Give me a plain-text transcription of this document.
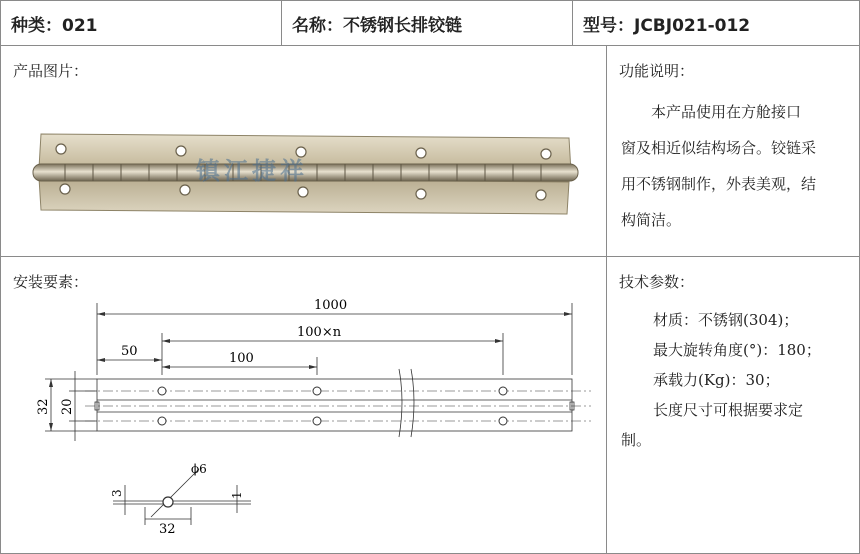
种类：021	名称：不锈钢长排铰链	型号：JCBJ021-012
产品图片：
镇江捷祥
功能说明：
本产品使用在方舱接口
窗及相近似结构场合。铰链采
用不锈钢制作，外表美观，结
构简洁。
安装要素：
1000
100×n
50	100
32 20
ϕ6
3	1
32
技术参数：
材质：不锈钢(304)；
最大旋转角度(°)：180；
承载力(Kg)：30；
长度尺寸可根据要求定
制。
